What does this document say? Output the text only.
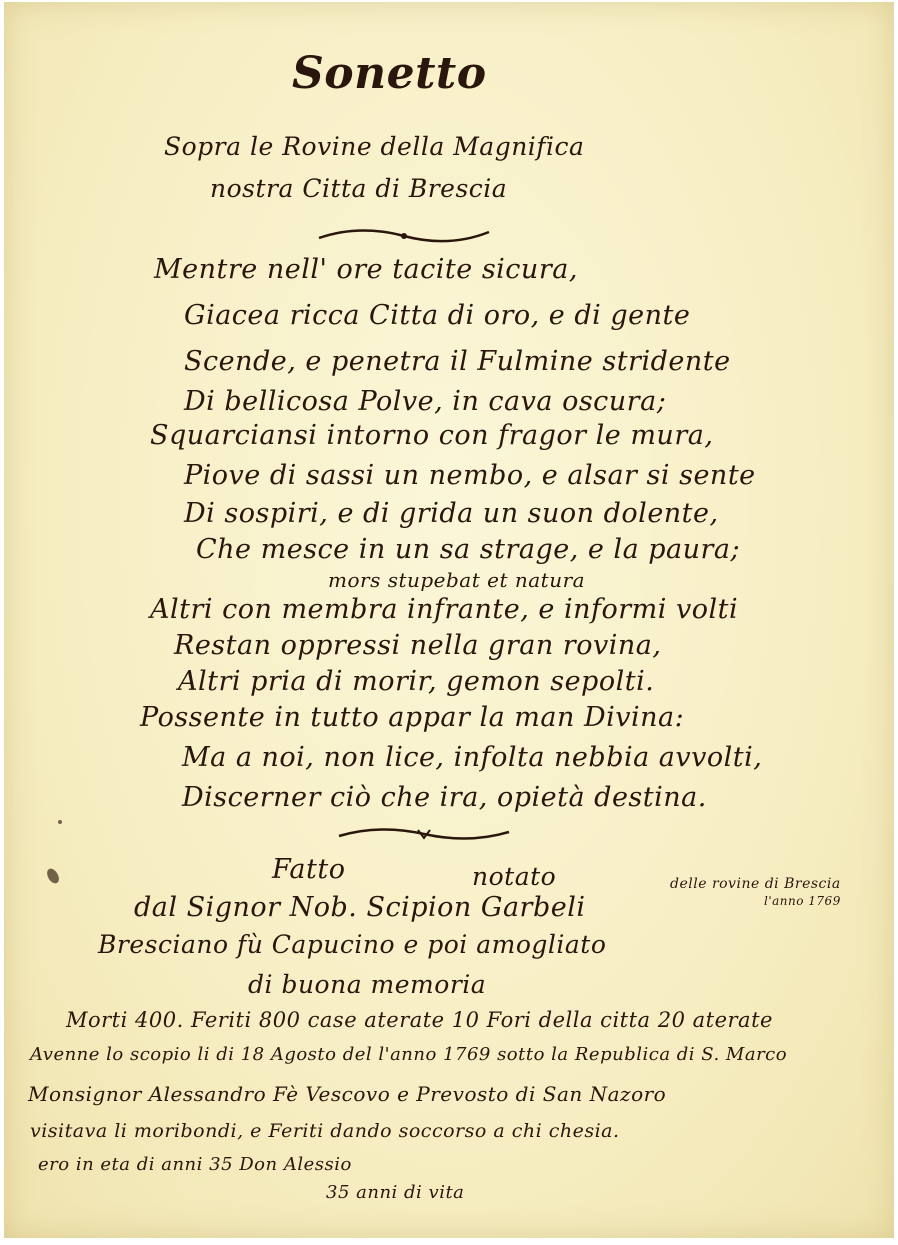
Sonetto
Sopra le Rovine della Magnifica
nostra Citta di Brescia
Mentre nell' ore tacite sicura,
Giacea ricca Citta di oro, e di gente
Scende, e penetra il Fulmine stridente
Di bellicosa Polve, in cava oscura;
Squarciansi intorno con fragor le mura,
Piove di sassi un nembo, e alsar si sente
Di sospiri, e di grida un suon dolente,
Che mesce in un sa strage, e la paura;
mors stupebat et natura
Altri con membra infrante, e informi volti
Restan oppressi nella gran rovina,
Altri pria di morir, gemon sepolti.
Possente in tutto appar la man Divina:
Ma a noi, non lice, infolta nebbia avvolti,
Discerner ciò che ira, opietà destina.
Fatto	notato	delle rovine di Brescia
l'anno 1769
dal Signor Nob. Scipion Garbeli
Bresciano fù Capucino e poi amogliato
di buona memoria
Morti 400. Feriti 800 case aterate 10 Fori della citta 20 aterate
Avenne lo scopio li di 18 Agosto del l'anno 1769 sotto la Republica di S. Marco
Monsignor Alessandro Fè Vescovo e Prevosto di San Nazoro
visitava li moribondi, e Feriti dando soccorso a chi chesia.
ero in eta di anni 35 Don Alessio
35 anni di vita
